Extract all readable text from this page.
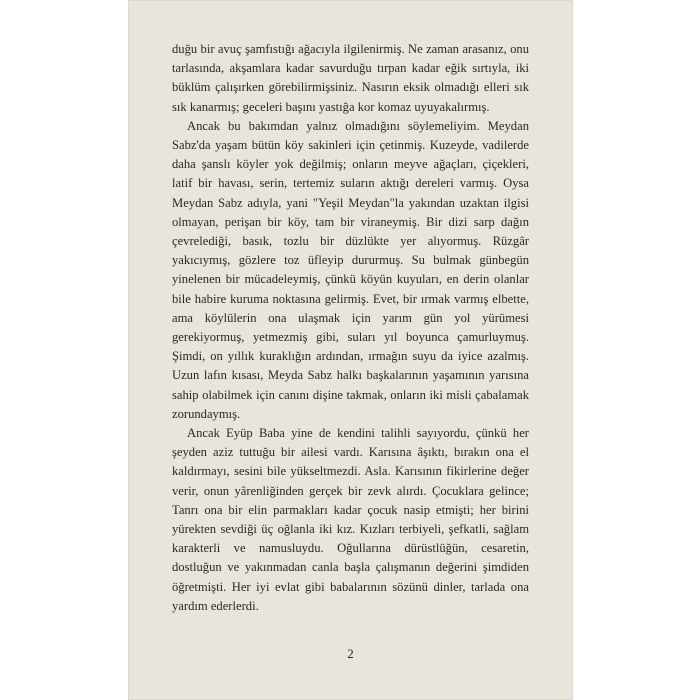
duğu bir avuç şamfıstığı ağacıyla ilgilenirmiş. Ne zaman arasanız, onu tarlasında, akşamlara kadar savurduğu tırpan kadar eğik sırtıyla, iki büklüm çalışırken görebilirmişsiniz. Nasırın eksik olmadığı elleri sık sık kanarmış; geceleri başını yastığa kor komaz uyuyakalırmış.

Ancak bu bakımdan yalnız olmadığını söylemeliyim. Meydan Sabz'da yaşam bütün köy sakinleri için çetinmiş. Kuzeyde, vadilerde daha şanslı köyler yok değilmiş; onların meyve ağaçları, çiçekleri, latif bir havası, serin, tertemiz suların aktığı dereleri varmış. Oysa Meydan Sabz adıyla, yani "Yeşil Meydan"la yakından uzaktan ilgisi olmayan, perişan bir köy, tam bir viraneymiş. Bir dizi sarp dağın çevrelediği, basık, tozlu bir düzlükte yer alıyormuş. Rüzgâr yakıcıymış, gözlere toz üfleyip dururmuş. Su bulmak günbegün yinelenen bir mücadeleymiş, çünkü köyün kuyuları, en derin olanlar bile habire kuruma noktasına gelirmiş. Evet, bir ırmak varmış elbette, ama köylülerin ona ulaşmak için yarım gün yol yürümesi gerekiyormuş, yetmezmiş gibi, suları yıl boyunca çamurluymuş. Şimdi, on yıllık kuraklığın ardından, ırmağın suyu da iyice azalmış. Uzun lafın kısası, Meyda Sabz halkı başkalarının yaşamının yarısına sahip olabilmek için canını dişine takmak, onların iki misli çabalamak zorundaymış.

Ancak Eyüp Baba yine de kendini talihli sayıyordu, çünkü her şeyden aziz tuttuğu bir ailesi vardı. Karısına âşıktı, bırakın ona el kaldırmayı, sesini bile yükseltmezdi. Asla. Karısının fikirlerine değer verir, onun yârenliğinden gerçek bir zevk alırdı. Çocuklara gelince; Tanrı ona bir elin parmakları kadar çocuk nasip etmişti; her birini yürekten sevdiği üç oğlanla iki kız. Kızları terbiyeli, şefkatli, sağlam karakterli ve namusluydu. Oğullarına dürüstlüğün, cesaretin, dostluğun ve yakınmadan canla başla çalışmanın değerini şimdiden öğretmişti. Her iyi evlat gibi babalarının sözünü dinler, tarlada ona yardım ederlerdi.

2
